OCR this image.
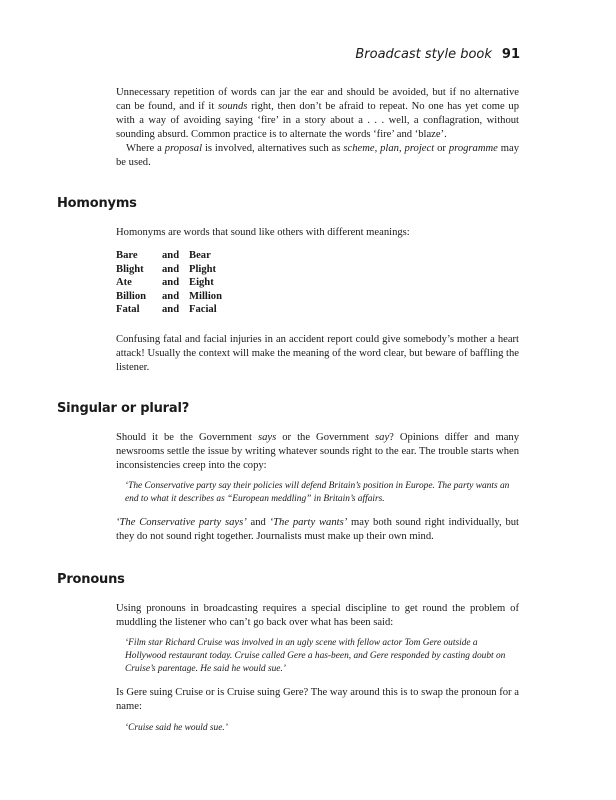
Broadcast style book 91

Unnecessary repetition of words can jar the ear and should be avoided, but if no alternative can be found, and if it sounds right, then don’t be afraid to repeat. No one has yet come up with a way of avoiding saying ‘fire’ in a story about a . . . well, a conflagration, without sounding absurd. Common practice is to alternate the words ‘fire’ and ‘blaze’.

Where a proposal is involved, alternatives such as scheme, plan, project or programme may be used.

Homonyms

Homonyms are words that sound like others with different meanings:

Bare	and	Bear
Blight	and	Plight
Ate	and	Eight
Billion	and	Million
Fatal	and	Facial

Confusing fatal and facial injuries in an accident report could give somebody’s mother a heart attack! Usually the context will make the meaning of the word clear, but beware of baffling the listener.

Singular or plural?

Should it be the Government says or the Government say? Opinions differ and many newsrooms settle the issue by writing whatever sounds right to the ear. The trouble starts when inconsistencies creep into the copy:

‘The Conservative party say their policies will defend Britain’s position in Europe. The party wants an end to what it describes as “European meddling” in Britain’s affairs.

‘The Conservative party says’ and ‘The party wants’ may both sound right individually, but they do not sound right together. Journalists must make up their own mind.

Pronouns

Using pronouns in broadcasting requires a special discipline to get round the problem of muddling the listener who can’t go back over what has been said:

‘Film star Richard Cruise was involved in an ugly scene with fellow actor Tom Gere outside a Hollywood restaurant today. Cruise called Gere a has-been, and Gere responded by casting doubt on Cruise’s parentage. He said he would sue.’

Is Gere suing Cruise or is Cruise suing Gere? The way around this is to swap the pronoun for a name:

‘Cruise said he would sue.’
